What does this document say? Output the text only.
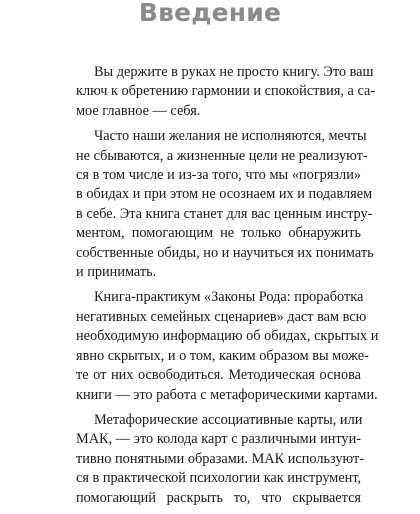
Введение
Вы держите в руках не просто книгу. Это ваш
ключ к обретению гармонии и спокойствия, а са-
мое главное — себя.
Часто наши желания не исполняются, мечты
не сбываются, а жизненные цели не реализуют-
ся в том числе и из-за того, что мы «погрязли»
в обидах и при этом не осознаем их и подавляем
в себе. Эта книга станет для вас ценным инстру-
ментом, помогающим не только обнаружить
собственные обиды, но и научиться их понимать
и принимать.
Книга-практикум «Законы Рода: проработка
негативных семейных сценариев» даст вам всю
необходимую информацию об обидах, скрытых и
явно скрытых, и о том, каким образом вы може-
те от них освободиться. Методическая основа
книги — это работа с метафорическими картами.
Метафорические ассоциативные карты, или
МАК, — это колода карт с различными интуи-
тивно понятными образами. МАК используют-
ся в практической психологии как инструмент,
помогающий раскрыть то, что скрывается
